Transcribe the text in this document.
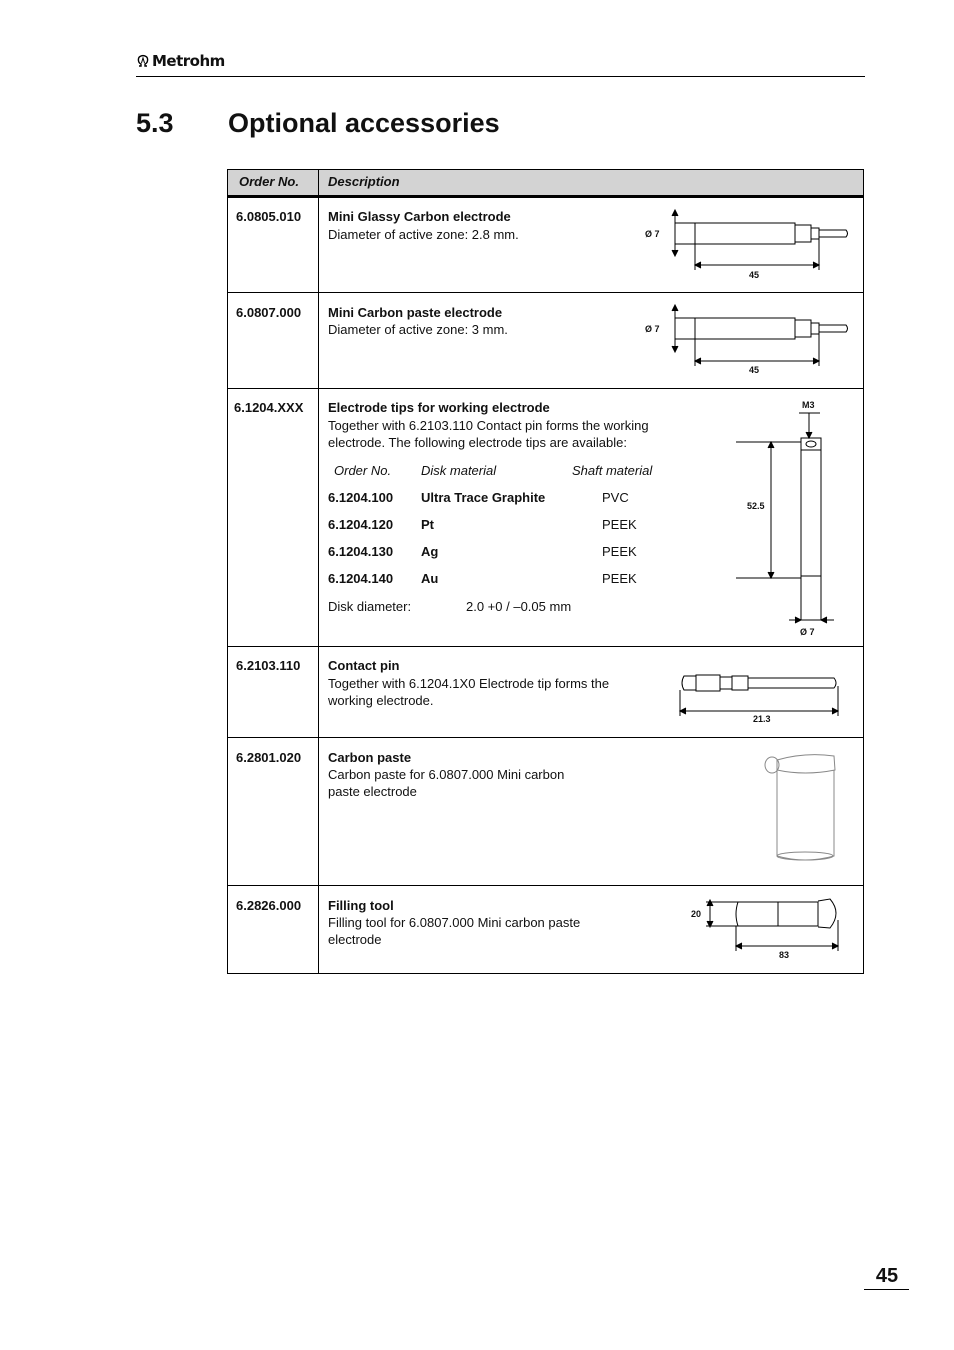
Metrohm
5.3 Optional accessories
Order No. Description
6.0805.010 Mini Glassy Carbon electrode
Diameter of active zone: 2.8 mm.	Ø 7
45
6.0807.000 Mini Carbon paste electrode
Diameter of active zone: 3 mm.	Ø 7
45
6.1204.XXX Electrode tips for working electrode
Together with 6.2103.110 Contact pin forms the working
electrode. The following electrode tips are available:
Order No. Disk material	Shaft material
6.1204.100 Ultra Trace Graphite	PVC
6.1204.120 Pt	PEEK
6.1204.130 Ag	PEEK
6.1204.140 Au	PEEK
Disk diameter:	2.0 +0 / –0.05 mm
M3
52.5
Ø 7
6.2103.110 Contact pin
Together with 6.1204.1X0 Electrode tip forms the
working electrode.
21.3
6.2801.020 Carbon paste
Carbon paste for 6.0807.000 Mini carbon
paste electrode
6.2826.000 Filling tool
Filling tool for 6.0807.000 Mini carbon paste
electrode
20
83
45
